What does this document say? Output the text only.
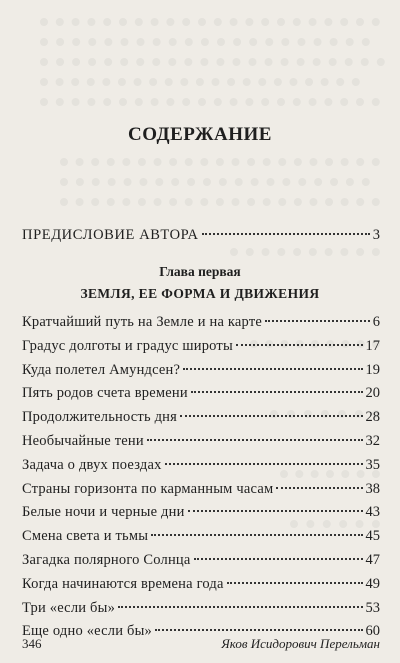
СОДЕРЖАНИЕ
ПРЕДИСЛОВИЕ АВТОРА	3
Глава первая
ЗЕМЛЯ, ЕЕ ФОРМА И ДВИЖЕНИЯ
Кратчайший путь на Земле и на карте	6
Градус долготы и градус широты	17
Куда полетел Амундсен?	19
Пять родов счета времени	20
Продолжительность дня	28
Необычайные тени	32
Задача о двух поездах	35
Страны горизонта по карманным часам	38
Белые ночи и черные дни	43
Смена света и тьмы	45
Загадка полярного Солнца	47
Когда начинаются времена года	49
Три «если бы»	53
Еще одно «если бы»	60
346	Яков Исидорович Перельман
